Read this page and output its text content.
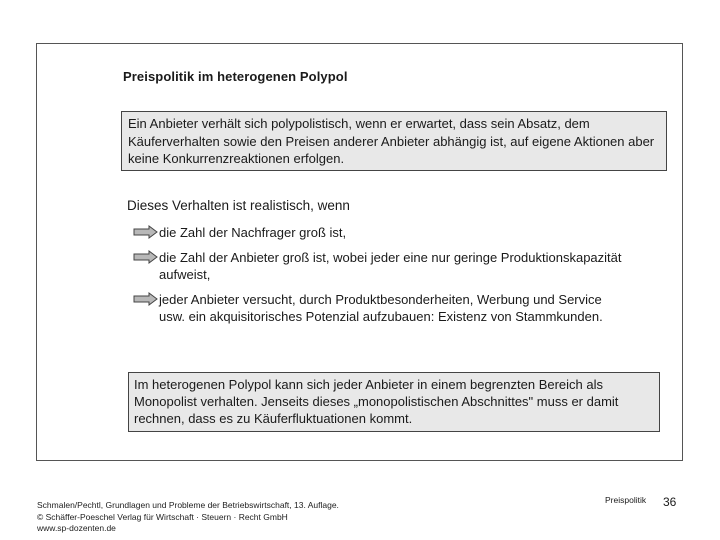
Preispolitik im heterogenen Polypol
Ein Anbieter verhält sich polypolistisch, wenn er erwartet, dass sein Absatz, dem Käuferverhalten sowie den Preisen anderer Anbieter abhängig ist, auf eigene Aktionen aber keine Konkurrenzreaktionen erfolgen.
Dieses Verhalten ist realistisch, wenn
die Zahl der Nachfrager groß ist,
die Zahl der Anbieter groß ist, wobei jeder eine nur geringe Produktionskapazität aufweist,
jeder Anbieter versucht, durch Produktbesonderheiten, Werbung und Service usw. ein akquisitorisches Potenzial aufzubauen: Existenz von Stammkunden.
Im heterogenen Polypol kann sich jeder Anbieter in einem begrenzten Bereich als Monopolist verhalten. Jenseits dieses „monopolistischen Abschnittes" muss er damit rechnen, dass es zu Käuferfluktuationen kommt.
Schmalen/Pechtl, Grundlagen und Probleme der Betriebswirtschaft, 13. Auflage.
© Schäffer-Poeschel Verlag für Wirtschaft · Steuern · Recht GmbH
www.sp-dozenten.de
Preispolitik 36
